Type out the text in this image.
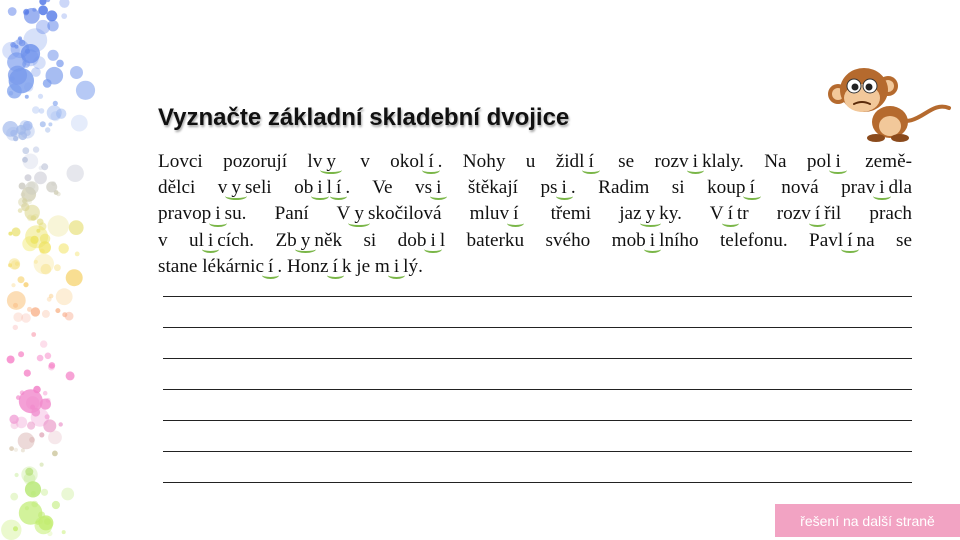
Vyznačte základní skladební dvojice
Lovci pozorují lv y v okol í . Nohy u židl í se rozv i klaly. Na pol i země-
dělci v y seli ob i l í . Ve vs i štěkají ps i . Radim si koup í nová prav i dla
pravop i su. Paní V y skočilová mluv í třemi jaz y ky. V í tr rozv í řil prach
v ul i cích. Zb y něk si dob i l baterku svého mob i lního telefonu. Pavl í na se
stane lékárnic í . Honz í k je m i lý.
řešení na další straně
